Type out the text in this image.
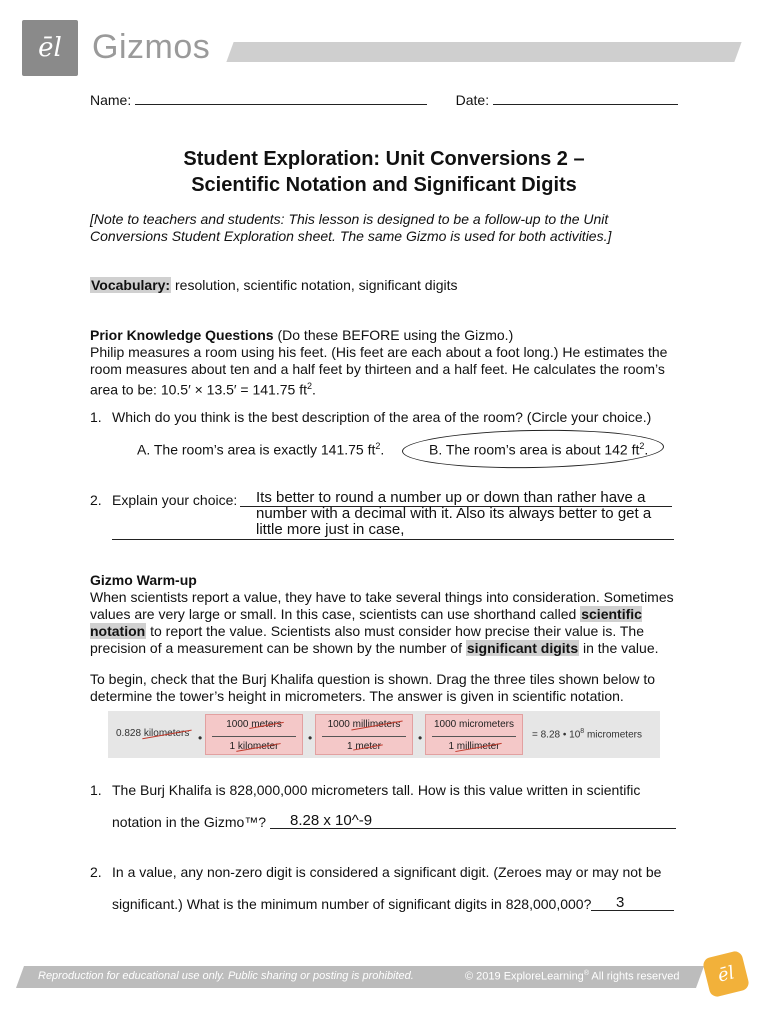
ēl Gizmos
Name:	Date:
Student Exploration: Unit Conversions 2 –
Scientific Notation and Significant Digits
[Note to teachers and students: This lesson is designed to be a follow-up to the Unit Conversions Student Exploration sheet. The same Gizmo is used for both activities.]
Vocabulary: resolution, scientific notation, significant digits
Prior Knowledge Questions (Do these BEFORE using the Gizmo.)
Philip measures a room using his feet. (His feet are each about a foot long.) He estimates the room measures about ten and a half feet by thirteen and a half feet. He calculates the room’s area to be: 10.5′ × 13.5′ = 141.75 $ft^2$.
1. Which do you think is the best description of the area of the room? (Circle your choice.)
A. The room’s area is exactly 141.75 $ft^2$.	B. The room’s area is about 142 $ft^2$.
2. Explain your choice: Its better to round a number up or down than rather have a
number with a decimal with it. Also its always better to get a
little more just in case,
Gizmo Warm-up
When scientists report a value, they have to take several things into consideration. Sometimes values are very large or small. In this case, scientists can use shorthand called scientific notation to report the value. Scientists also must consider how precise their value is. The precision of a measurement can be shown by the number of significant digits in the value.
To begin, check that the Burj Khalifa question is shown. Drag the three tiles shown below to determine the tower’s height in micrometers. The answer is given in scientific notation.
0.828 kilometers •
1000 meters
1 kilometer
•
1000 millimeters
1 meter
•
1000 micrometers
1 millimeter
= 8.28 • $10^8$ micrometers
1. The Burj Khalifa is 828,000,000 micrometers tall. How is this value written in scientific
notation in the Gizmo™? 8.28 x 10^-9
2. In a value, any non-zero digit is considered a significant digit. (Zeroes may or may not be
significant.) What is the minimum number of significant digits in 828,000,000? 3
Reproduction for educational use only. Public sharing or posting is prohibited.	© 2019 ExploreLearning® All rights reserved ēl
